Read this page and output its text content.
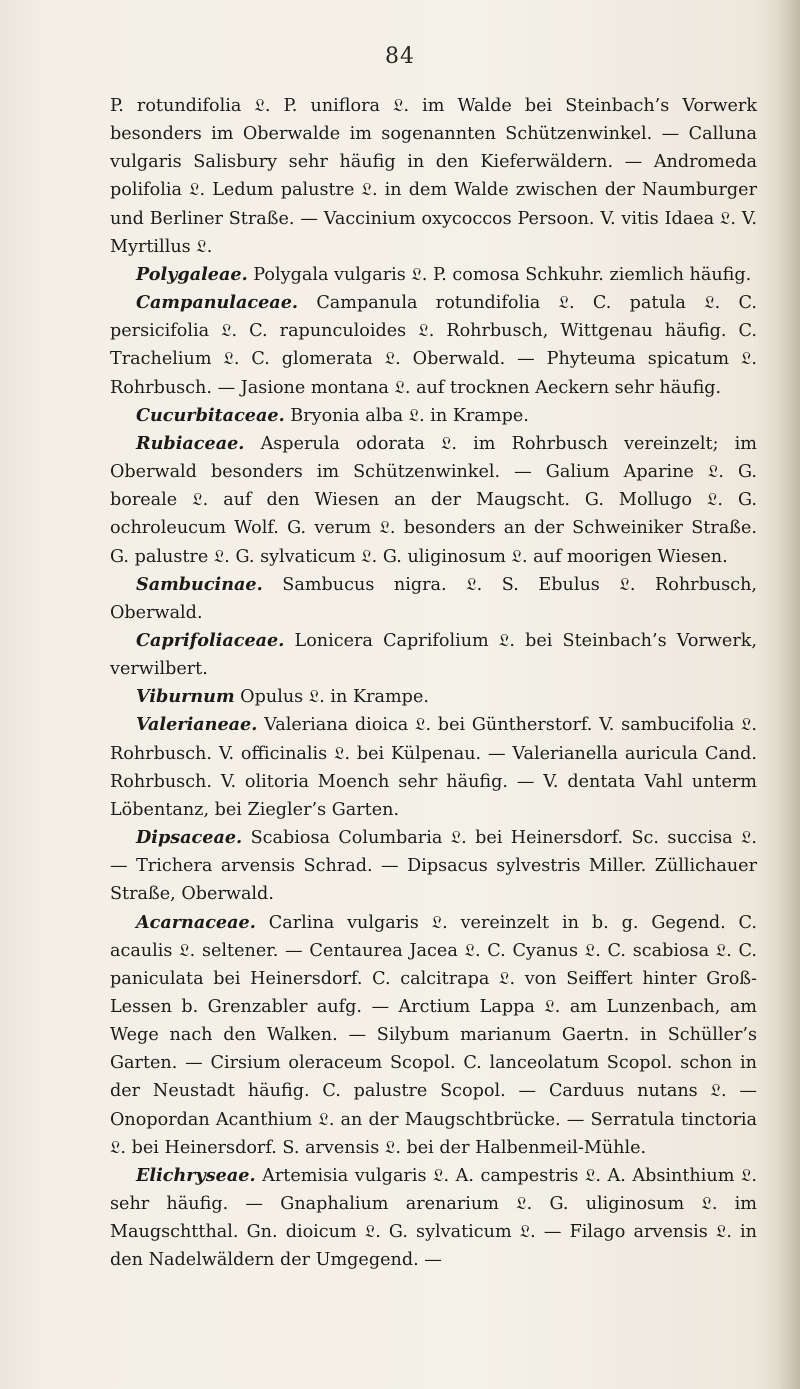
84

P. rotundifolia 𝔏. P. uniflora 𝔏. im Walde bei Steinbach’s Vorwerk besonders im Oberwalde im sogenannten Schützenwinkel. — Calluna vulgaris Salisbury sehr häufig in den Kieferwäldern. — Andromeda polifolia 𝔏. Ledum palustre 𝔏. in dem Walde zwischen der Naumburger und Berliner Straße. — Vaccinium oxycoccos Persoon. V. vitis Idaea 𝔏. V. Myrtillus 𝔏.

Polygaleae. Polygala vulgaris 𝔏. P. comosa Schkuhr. ziemlich häufig.

Campanulaceae. Campanula rotundifolia 𝔏. C. patula 𝔏. C. persicifolia 𝔏. C. rapunculoides 𝔏. Rohrbusch, Wittgenau häufig. C. Trachelium 𝔏. C. glomerata 𝔏. Oberwald. — Phyteuma spicatum 𝔏. Rohrbusch. — Jasione montana 𝔏. auf trocknen Aeckern sehr häufig.

Cucurbitaceae. Bryonia alba 𝔏. in Krampe.

Rubiaceae. Asperula odorata 𝔏. im Rohrbusch vereinzelt; im Oberwald besonders im Schützenwinkel. — Galium Aparine 𝔏. G. boreale 𝔏. auf den Wiesen an der Maugscht. G. Mollugo 𝔏. G. ochroleucum Wolf. G. verum 𝔏. besonders an der Schweiniker Straße. G. palustre 𝔏. G. sylvaticum 𝔏. G. uliginosum 𝔏. auf moorigen Wiesen.

Sambucinae. Sambucus nigra. 𝔏. S. Ebulus 𝔏. Rohrbusch, Oberwald.

Caprifoliaceae. Lonicera Caprifolium 𝔏. bei Steinbach’s Vorwerk, verwilbert.

Viburnum Opulus 𝔏. in Krampe.

Valerianeae. Valeriana dioica 𝔏. bei Güntherstorf. V. sambucifolia 𝔏. Rohrbusch. V. officinalis 𝔏. bei Külpenau. — Valerianella auricula Cand. Rohrbusch. V. olitoria Moench sehr häufig. — V. dentata Vahl unterm Löbentanz, bei Ziegler’s Garten.

Dipsaceae. Scabiosa Columbaria 𝔏. bei Heinersdorf. Sc. succisa 𝔏. — Trichera arvensis Schrad. — Dipsacus sylvestris Miller. Züllichauer Straße, Oberwald.

Acarnaceae. Carlina vulgaris 𝔏. vereinzelt in b. g. Gegend. C. acaulis 𝔏. seltener. — Centaurea Jacea 𝔏. C. Cyanus 𝔏. C. scabiosa 𝔏. C. paniculata bei Heinersdorf. C. calcitrapa 𝔏. von Seiffert hinter Groß-Lessen b. Grenzabler aufg. — Arctium Lappa 𝔏. am Lunzenbach, am Wege nach den Walken. — Silybum marianum Gaertn. in Schüller’s Garten. — Cirsium oleraceum Scopol. C. lanceolatum Scopol. schon in der Neustadt häufig. C. palustre Scopol. — Carduus nutans 𝔏. — Onopordan Acanthium 𝔏. an der Maugschtbrücke. — Serratula tinctoria 𝔏. bei Heinersdorf. S. arvensis 𝔏. bei der Halbenmeil-Mühle.

Elichryseae. Artemisia vulgaris 𝔏. A. campestris 𝔏. A. Absinthium 𝔏. sehr häufig. — Gnaphalium arenarium 𝔏. G. uliginosum 𝔏. im Maugschtthal. Gn. dioicum 𝔏. G. sylvaticum 𝔏. — Filago arvensis 𝔏. in den Nadelwäldern der Umgegend. —
